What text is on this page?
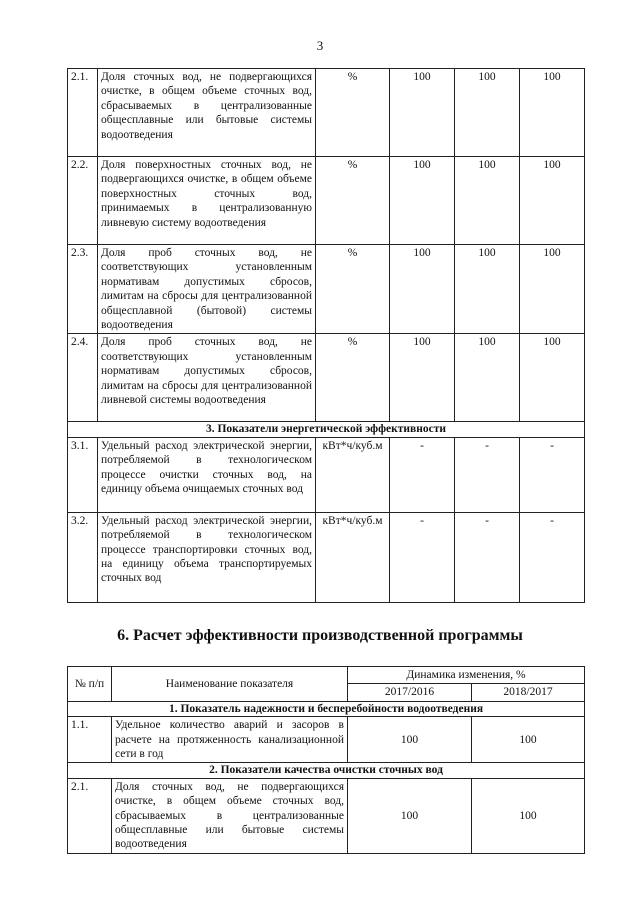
3
2.1.	Доля сточных вод, не подвергающихся очистке, в общем объеме сточных вод, сбрасываемых в централизованные общесплавные или бытовые системы водоотведения	%	100	100	100
2.2.	Доля поверхностных сточных вод, не подвергающихся очистке, в общем объеме поверхностных сточных вод, принимаемых в централизованную ливневую систему водоотведения	%	100	100	100
2.3.	Доля проб сточных вод, не соответствующих установленным нормативам допустимых сбросов, лимитам на сбросы для централизованной общесплавной (бытовой) системы водоотведения	%	100	100	100
2.4.	Доля проб сточных вод, не соответствующих установленным нормативам допустимых сбросов, лимитам на сбросы для централизованной ливневой системы водоотведения	%	100	100	100
3. Показатели энергетической эффективности					
3.1.	Удельный расход электрической энергии, потребляемой в технологическом процессе очистки сточных вод, на единицу объема очищаемых сточных вод	кВт*ч/куб.м	-	-	-
3.2.	Удельный расход электрической энергии, потребляемой в технологическом процессе транспортировки сточных вод, на единицу объема транспортируемых сточных вод	кВт*ч/куб.м	-	-	-
6. Расчет эффективности производственной программы
№ п/п	Наименование показателя	Динамика изменения, %	
		2017/2016	2018/2017
1. Показатель надежности и бесперебойности водоотведения			
1.1.	Удельное количество аварий и засоров в расчете на протяженность канализационной сети в год	100	100
2. Показатели качества очистки сточных вод			
2.1.	Доля сточных вод, не подвергающихся очистке, в общем объеме сточных вод, сбрасываемых в централизованные общесплавные или бытовые системы водоотведения	100	100
